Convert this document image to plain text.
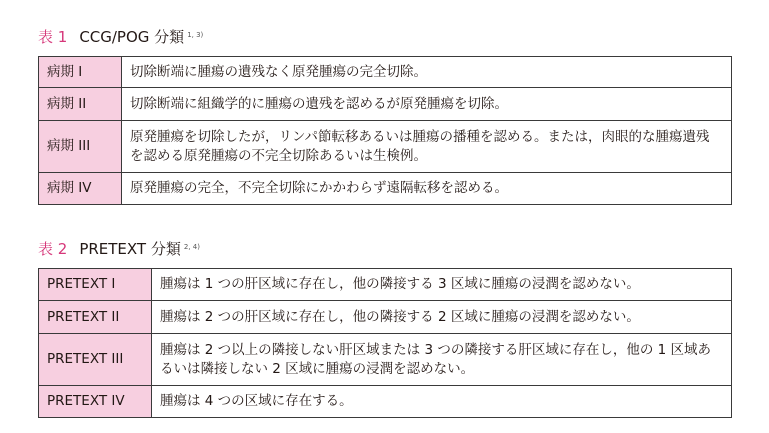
表 1 CCG/POG 分類 $^{1, 3)}$
病期 I	切除断端に腫瘍の遺残なく原発腫瘍の完全切除。
病期 II	切除断端に組織学的に腫瘍の遺残を認めるが原発腫瘍を切除。
病期 III	原発腫瘍を切除したが，リンパ節転移あるいは腫瘍の播種を認める。または，肉眼的な腫瘍遺残を認める原発腫瘍の不完全切除あるいは生検例。
病期 IV	原発腫瘍の完全，不完全切除にかかわらず遠隔転移を認める。
表 2 PRETEXT 分類 $^{2, 4)}$
PRETEXT I	腫瘍は 1 つの肝区域に存在し，他の隣接する 3 区域に腫瘍の浸潤を認めない。
PRETEXT II	腫瘍は 2 つの肝区域に存在し，他の隣接する 2 区域に腫瘍の浸潤を認めない。
PRETEXT III	腫瘍は 2 つ以上の隣接しない肝区域または 3 つの隣接する肝区域に存在し，他の 1 区域あるいは隣接しない 2 区域に腫瘍の浸潤を認めない。
PRETEXT IV	腫瘍は 4 つの区域に存在する。
